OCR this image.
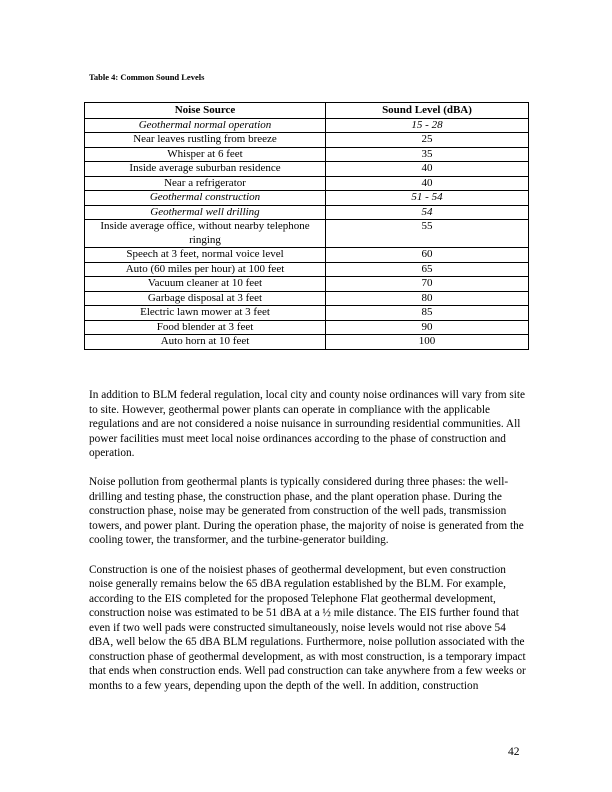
Table 4: Common Sound Levels
Noise Source	Sound Level (dBA)
Geothermal normal operation	15 - 28
Near leaves rustling from breeze	25
Whisper at 6 feet	35
Inside average suburban residence	40
Near a refrigerator	40
Geothermal construction	51 - 54
Geothermal well drilling	54
Inside average office, without nearby telephone ringing	55
Speech at 3 feet, normal voice level	60
Auto (60 miles per hour) at 100 feet	65
Vacuum cleaner at 10 feet	70
Garbage disposal at 3 feet	80
Electric lawn mower at 3 feet	85
Food blender at 3 feet	90
Auto horn at 10 feet	100

In addition to BLM federal regulation, local city and county noise ordinances will vary from site to site. However, geothermal power plants can operate in compliance with the applicable regulations and are not considered a noise nuisance in surrounding residential communities. All power facilities must meet local noise ordinances according to the phase of construction and operation.

Noise pollution from geothermal plants is typically considered during three phases: the well-drilling and testing phase, the construction phase, and the plant operation phase. During the construction phase, noise may be generated from construction of the well pads, transmission towers, and power plant. During the operation phase, the majority of noise is generated from the cooling tower, the transformer, and the turbine-generator building.

Construction is one of the noisiest phases of geothermal development, but even construction noise generally remains below the 65 dBA regulation established by the BLM. For example, according to the EIS completed for the proposed Telephone Flat geothermal development, construction noise was estimated to be 51 dBA at a ½ mile distance. The EIS further found that even if two well pads were constructed simultaneously, noise levels would not rise above 54 dBA, well below the 65 dBA BLM regulations. Furthermore, noise pollution associated with the construction phase of geothermal development, as with most construction, is a temporary impact that ends when construction ends. Well pad construction can take anywhere from a few weeks or months to a few years, depending upon the depth of the well. In addition, construction

42
